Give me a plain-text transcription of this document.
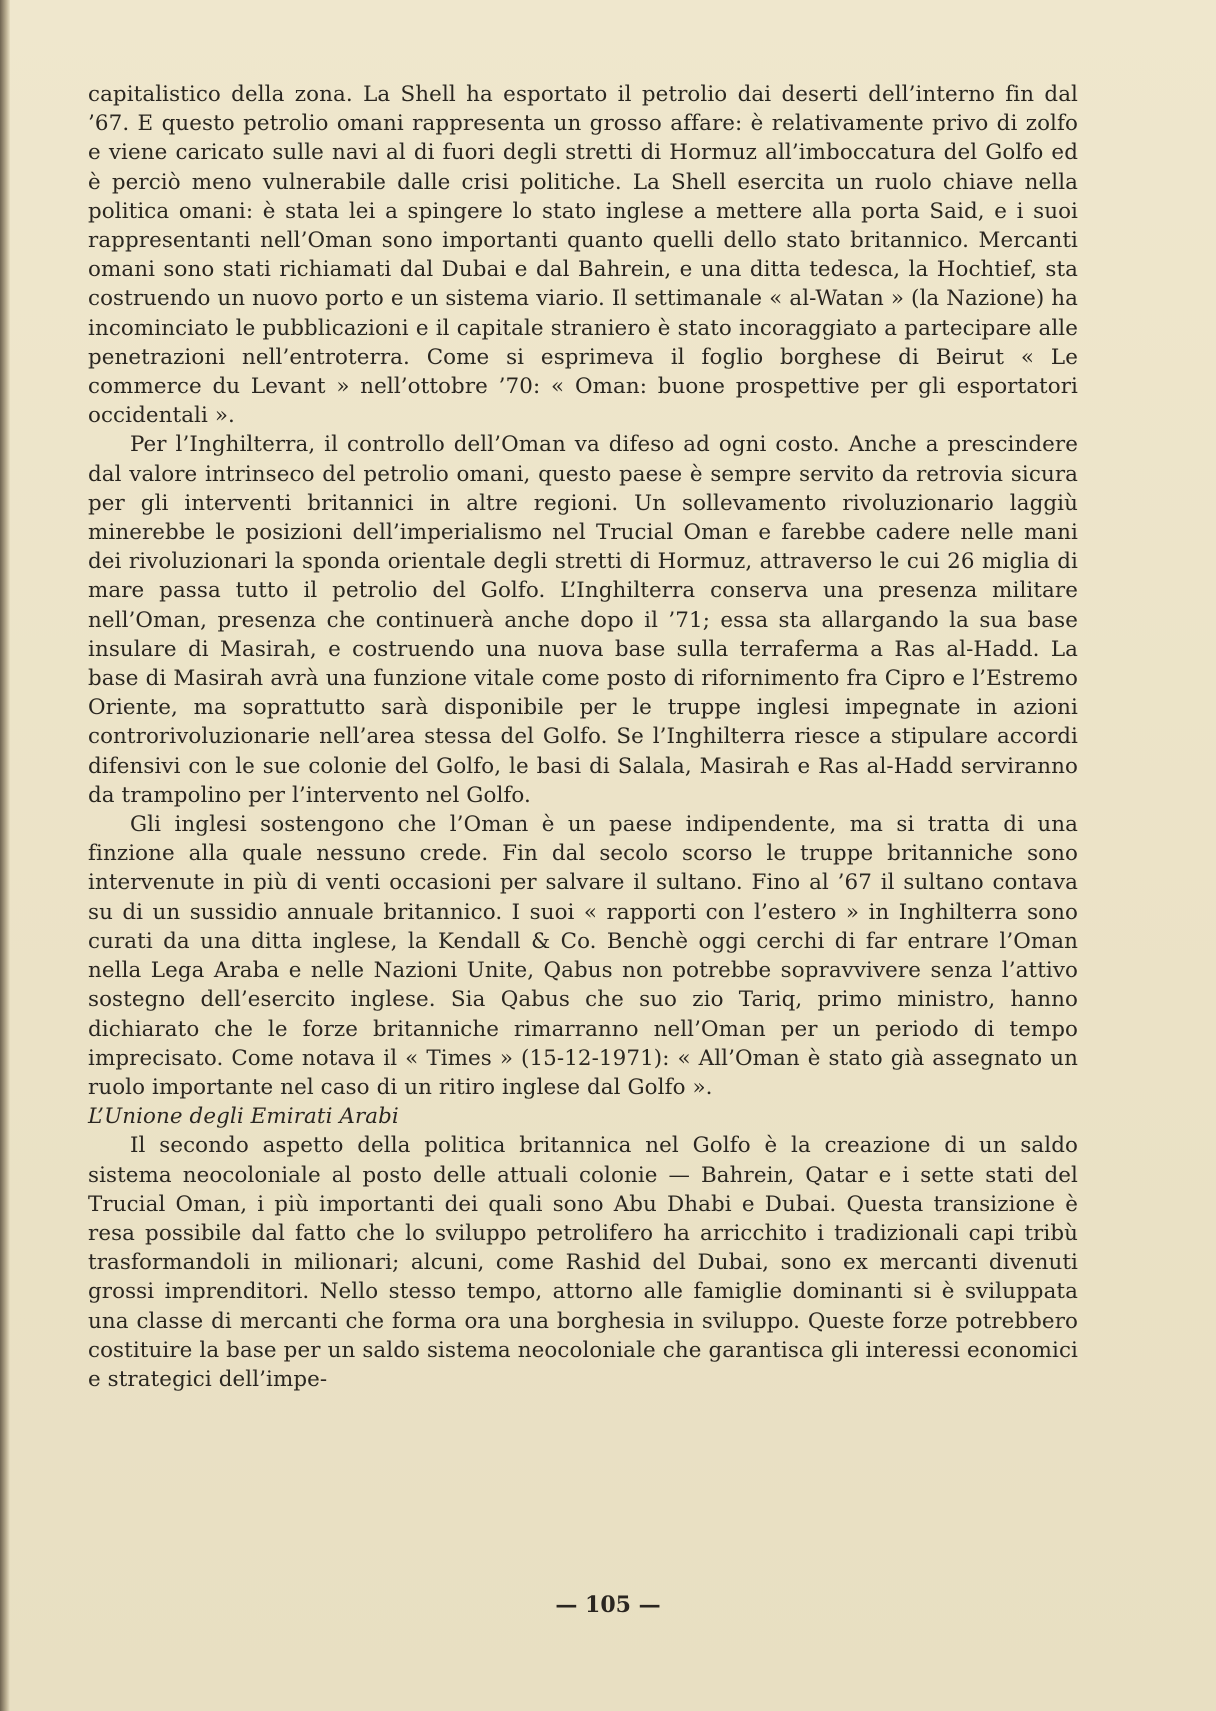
capitalistico della zona. La Shell ha esportato il petrolio dai deserti dell’interno fin dal ’67. E questo petrolio omani rappresenta un grosso affare: è relativamente privo di zolfo e viene caricato sulle navi al di fuori degli stretti di Hormuz all’imboccatura del Golfo ed è perciò meno vulnerabile dalle crisi politiche. La Shell esercita un ruolo chiave nella politica omani: è stata lei a spingere lo stato inglese a mettere alla porta Said, e i suoi rappresentanti nell’Oman sono importanti quanto quelli dello stato britannico. Mercanti omani sono stati richiamati dal Dubai e dal Bahrein, e una ditta tedesca, la Hochtief, sta costruendo un nuovo porto e un sistema viario. Il settimanale « al-Watan » (la Nazione) ha incominciato le pubblicazioni e il capitale straniero è stato incoraggiato a partecipare alle penetrazioni nell’entroterra. Come si esprimeva il foglio borghese di Beirut « Le commerce du Levant » nell’ottobre ’70: « Oman: buone prospettive per gli esportatori occidentali ».

Per l’Inghilterra, il controllo dell’Oman va difeso ad ogni costo. Anche a prescindere dal valore intrinseco del petrolio omani, questo paese è sempre servito da retrovia sicura per gli interventi britannici in altre regioni. Un sollevamento rivoluzionario laggiù minerebbe le posizioni dell’imperialismo nel Trucial Oman e farebbe cadere nelle mani dei rivoluzionari la sponda orientale degli stretti di Hormuz, attraverso le cui 26 miglia di mare passa tutto il petrolio del Golfo. L’Inghilterra conserva una presenza militare nell’Oman, presenza che continuerà anche dopo il ’71; essa sta allargando la sua base insulare di Masirah, e costruendo una nuova base sulla terraferma a Ras al-Hadd. La base di Masirah avrà una funzione vitale come posto di rifornimento fra Cipro e l’Estremo Oriente, ma soprattutto sarà disponibile per le truppe inglesi impegnate in azioni controrivoluzionarie nell’area stessa del Golfo. Se l’Inghilterra riesce a stipulare accordi difensivi con le sue colonie del Golfo, le basi di Salala, Masirah e Ras al-Hadd serviranno da trampolino per l’intervento nel Golfo.

Gli inglesi sostengono che l’Oman è un paese indipendente, ma si tratta di una finzione alla quale nessuno crede. Fin dal secolo scorso le truppe britanniche sono intervenute in più di venti occasioni per salvare il sultano. Fino al ’67 il sultano contava su di un sussidio annuale britannico. I suoi « rapporti con l’estero » in Inghilterra sono curati da una ditta inglese, la Kendall & Co. Benchè oggi cerchi di far entrare l’Oman nella Lega Araba e nelle Nazioni Unite, Qabus non potrebbe sopravvivere senza l’attivo sostegno dell’esercito inglese. Sia Qabus che suo zio Tariq, primo ministro, hanno dichiarato che le forze britanniche rimarranno nell’Oman per un periodo di tempo imprecisato. Come notava il « Times » (15-12-1971): « All’Oman è stato già assegnato un ruolo importante nel caso di un ritiro inglese dal Golfo ».

L’Unione degli Emirati Arabi

Il secondo aspetto della politica britannica nel Golfo è la creazione di un saldo sistema neocoloniale al posto delle attuali colonie — Bahrein, Qatar e i sette stati del Trucial Oman, i più importanti dei quali sono Abu Dhabi e Dubai. Questa transizione è resa possibile dal fatto che lo sviluppo petrolifero ha arricchito i tradizionali capi tribù trasformandoli in milionari; alcuni, come Rashid del Dubai, sono ex mercanti divenuti grossi imprenditori. Nello stesso tempo, attorno alle famiglie dominanti si è sviluppata una classe di mercanti che forma ora una borghesia in sviluppo. Queste forze potrebbero costituire la base per un saldo sistema neocoloniale che garantisca gli interessi economici e strategici dell’impe-

— 105 —
